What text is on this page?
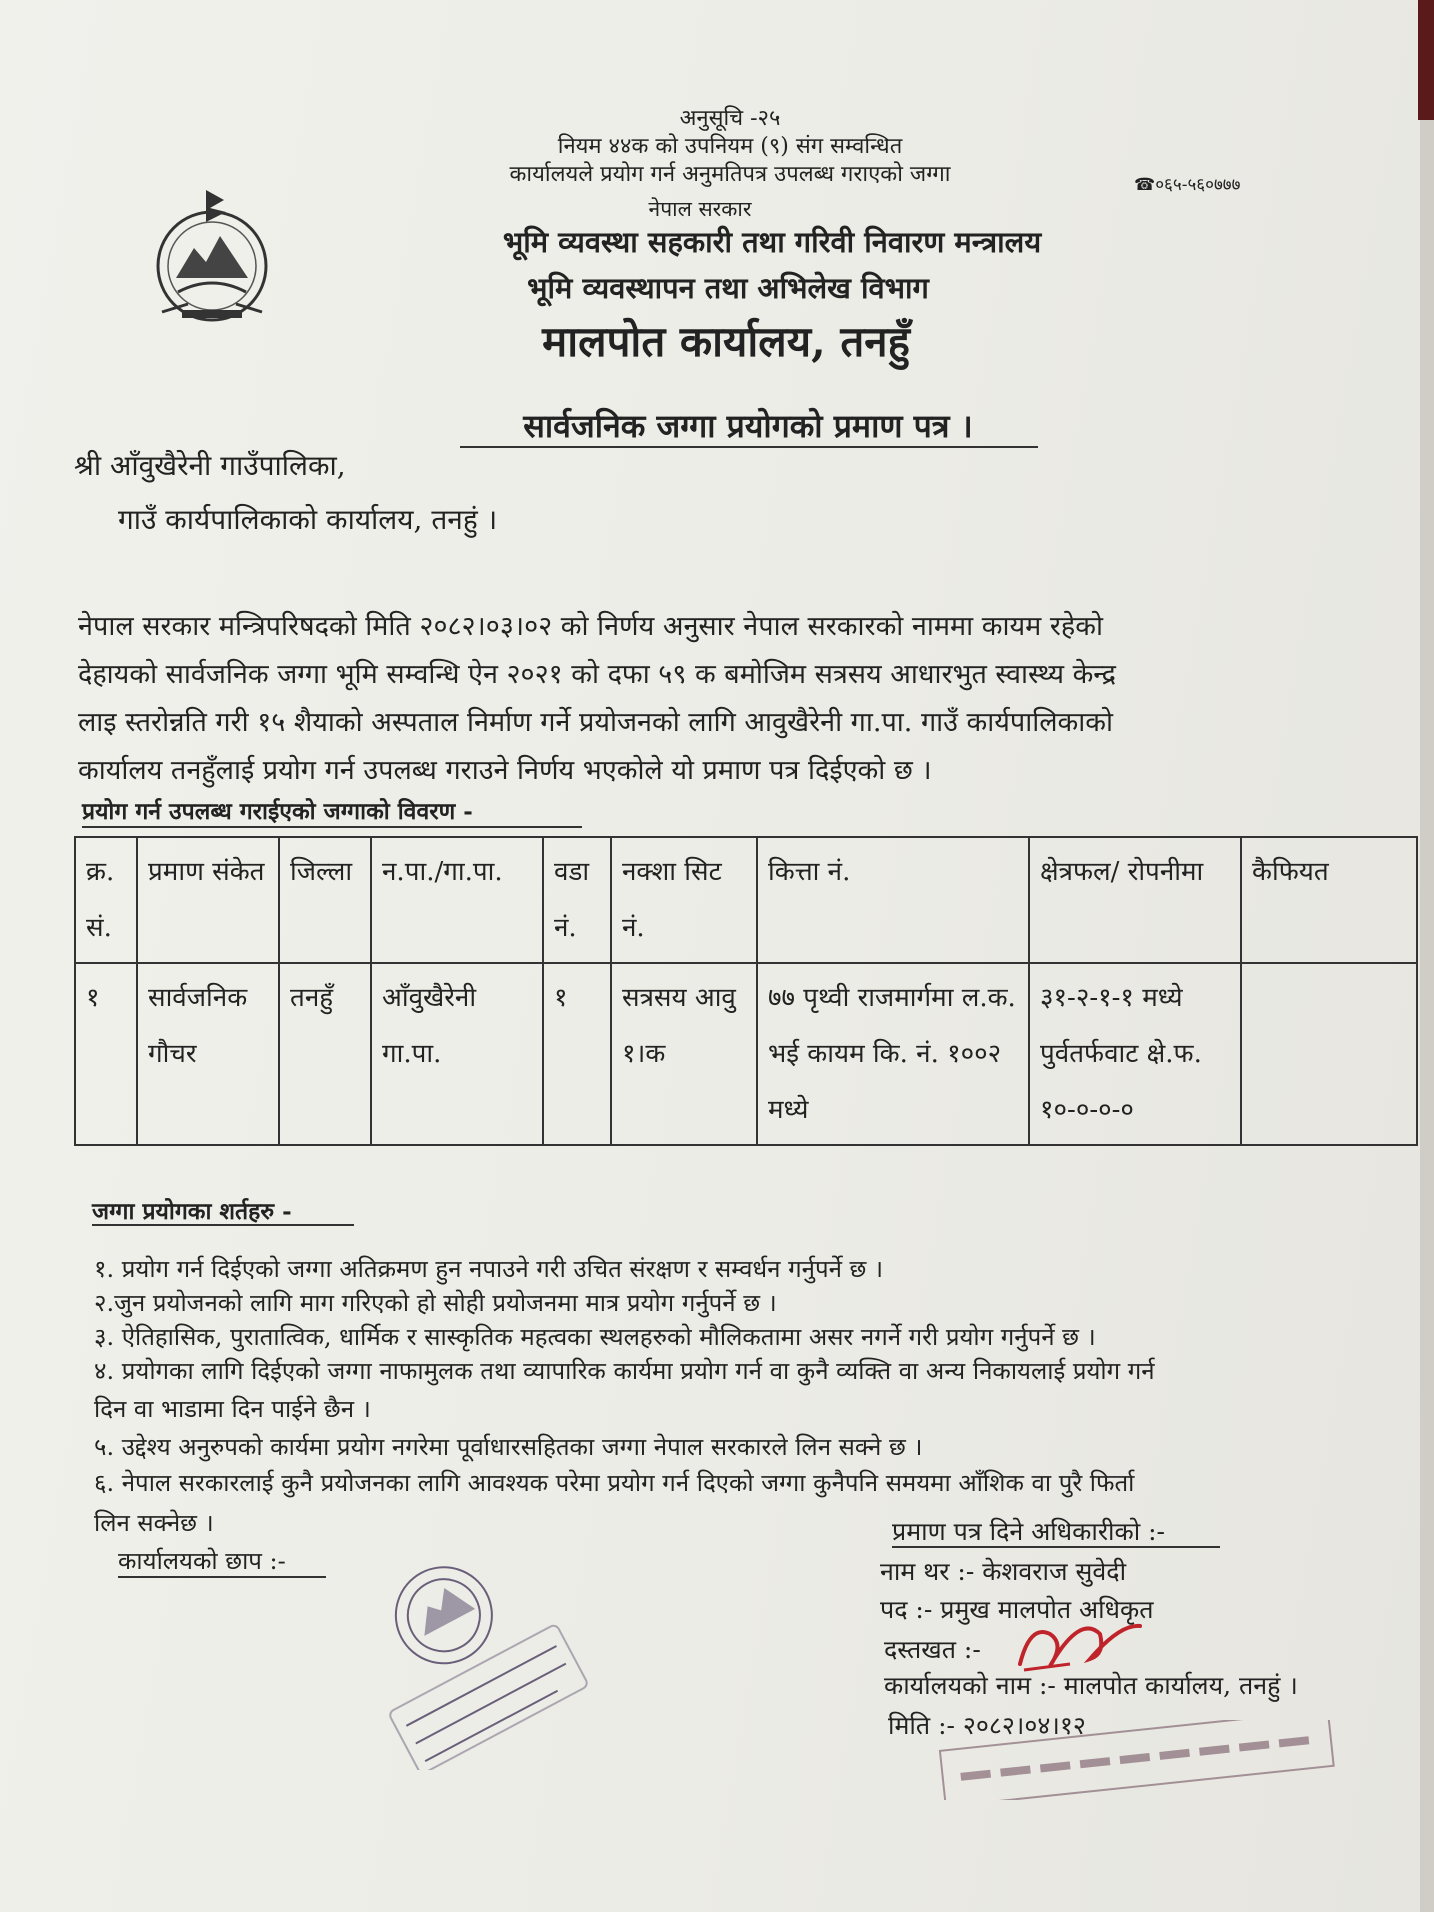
अनुसूचि -२५
नियम ४४क को उपनियम (९) संग सम्वन्धित
कार्यालयले प्रयोग गर्न अनुमतिपत्र उपलब्ध गराएको जग्गा
नेपाल सरकार
भूमि व्यवस्था सहकारी तथा गरिवी निवारण मन्त्रालय
भूमि व्यवस्थापन तथा अभिलेख विभाग
मालपोत कार्यालय, तनहुँ
☎०६५-५६०७७७
सार्वजनिक जग्गा प्रयोगको प्रमाण पत्र ।
श्री आँवुखैरेनी गाउँपालिका,
गाउँ कार्यपालिकाको कार्यालय, तनहुं ।
नेपाल सरकार मन्त्रिपरिषदको मिति २०८२।०३।०२ को निर्णय अनुसार नेपाल सरकारको नाममा कायम रहेको
देहायको सार्वजनिक जग्गा भूमि सम्वन्धि ऐन २०२१ को दफा ५९ क बमोजिम सत्रसय आधारभुत स्वास्थ्य केन्द्र
लाइ स्तरोन्नति गरी १५ शैयाको अस्पताल निर्माण गर्ने प्रयोजनको लागि आवुखैरेनी गा.पा. गाउँ कार्यपालिकाको
कार्यालय तनहुँलाई प्रयोग गर्न उपलब्ध गराउने निर्णय भएकोले यो प्रमाण पत्र दिईएको छ ।
प्रयोग गर्न उपलब्ध गराईएको जग्गाको विवरण -
क्र. सं.	प्रमाण संकेत	जिल्ला	न.पा./गा.पा.	वडा नं.	नक्शा सिट नं.	कित्ता नं.	क्षेत्रफल/ रोपनीमा	कैफियत
१	सार्वजनिक गौचर	तनहुँ	आँवुखैरेनी गा.पा.	१	सत्रसय आवु १।क	७७ पृथ्वी राजमार्गमा ल.क. भई कायम कि. नं. १००२ मध्ये	३१-२-१-१ मध्ये पुर्वतर्फवाट क्षे.फ. १०-०-०-०	
जग्गा प्रयोगका शर्तहरु -
१. प्रयोग गर्न दिईएको जग्गा अतिक्रमण हुन नपाउने गरी उचित संरक्षण र सम्वर्धन गर्नुपर्ने छ ।
२.जुन प्रयोजनको लागि माग गरिएको हो सोही प्रयोजनमा मात्र प्रयोग गर्नुपर्ने छ ।
३. ऐतिहासिक, पुरातात्विक, धार्मिक र सास्कृतिक महत्वका स्थलहरुको मौलिकतामा असर नगर्ने गरी प्रयोग गर्नुपर्ने छ ।
४. प्रयोगका लागि दिईएको जग्गा नाफामुलक तथा व्यापारिक कार्यमा प्रयोग गर्न वा कुनै व्यक्ति वा अन्य निकायलाई प्रयोग गर्न
दिन वा भाडामा दिन पाईने छैन ।
५. उद्देश्य अनुरुपको कार्यमा प्रयोग नगरेमा पूर्वाधारसहितका जग्गा नेपाल सरकारले लिन सक्ने छ ।
६. नेपाल सरकारलाई कुनै प्रयोजनका लागि आवश्यक परेमा प्रयोग गर्न दिएको जग्गा कुनैपनि समयमा आँशिक वा पुरै फिर्ता
लिन सक्नेछ ।
कार्यालयको छाप :-
प्रमाण पत्र दिने अधिकारीको :-
नाम थर :- केशवराज सुवेदी
पद :- प्रमुख मालपोत अधिकृत
दस्तखत :-
कार्यालयको नाम :- मालपोत कार्यालय, तनहुं ।
मिति :- २०८२।०४।१२
